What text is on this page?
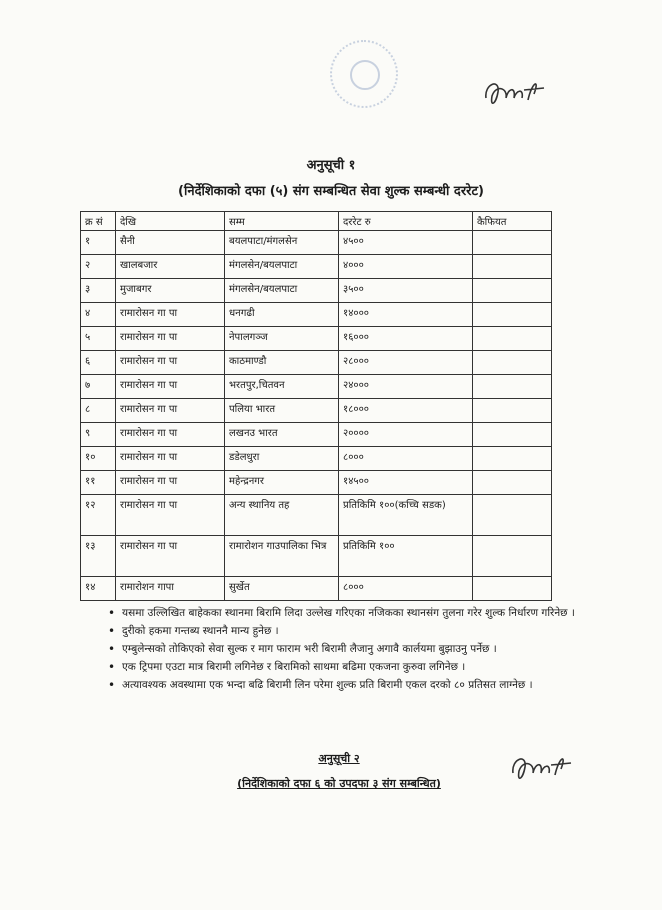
अनुसूची १
(निर्देशिकाको दफा (५) संग सम्बन्धित सेवा शुल्क सम्बन्धी दररेट)
क्र सं	देखि	सम्म	दररेट रु	कैफियत
१	सैनी	बयलपाटा/मंगलसेन	४५००	
२	खालबजार	मंगलसेन/बयलपाटा	४०००	
३	मुजाबगर	मंगलसेन/बयलपाटा	३५००	
४	रामारोसन गा पा	धनगढी	१४०००	
५	रामारोसन गा पा	नेपालगञ्ज	१६०००	
६	रामारोसन गा पा	काठमाण्डौ	२८०००	
७	रामारोसन गा पा	भरतपुर,चितवन	२४०००	
८	रामारोसन गा पा	पलिया भारत	१८०००	
९	रामारोसन गा पा	लखनउ भारत	२००००	
१०	रामारोसन गा पा	डडेलधुरा	८०००	
११	रामारोसन गा पा	महेन्द्रनगर	१४५००	
१२	रामारोसन गा पा	अन्य स्थानिय तह	प्रतिकिमि १००(कच्चि सडक)	
१३	रामारोसन गा पा	रामारोशन गाउपालिका भित्र	प्रतिकिमि १००	
१४	रामारोशन गापा	सुर्खेत	८०००	
• यसमा उल्लिखित बाहेकका स्थानमा बिरामि लिदा उल्लेख गरिएका नजिकका स्थानसंग तुलना गरेर शुल्क निर्धारण गरिनेछ ।
• दुरीको हकमा गन्तब्य स्थाननै मान्य हुनेछ ।
• एम्बुलेन्सको तोकिएको सेवा सुल्क र माग फाराम भरी बिरामी लैजानु अगावै कार्लयमा बुझाउनु पर्नेछ ।
• एक ट्रिपमा एउटा मात्र बिरामी लगिनेछ र बिरामिको साथमा बढिमा एकजना कुरुवा लगिनेछ ।
• अत्यावश्यक अवस्थामा एक भन्दा बढि बिरामी लिन परेमा शुल्क प्रति बिरामी एकल दरको ८० प्रतिसत लाग्नेछ ।
अनुसूची २
(निर्देशिकाको दफा ६ को उपदफा ३ संग सम्बन्धित)
